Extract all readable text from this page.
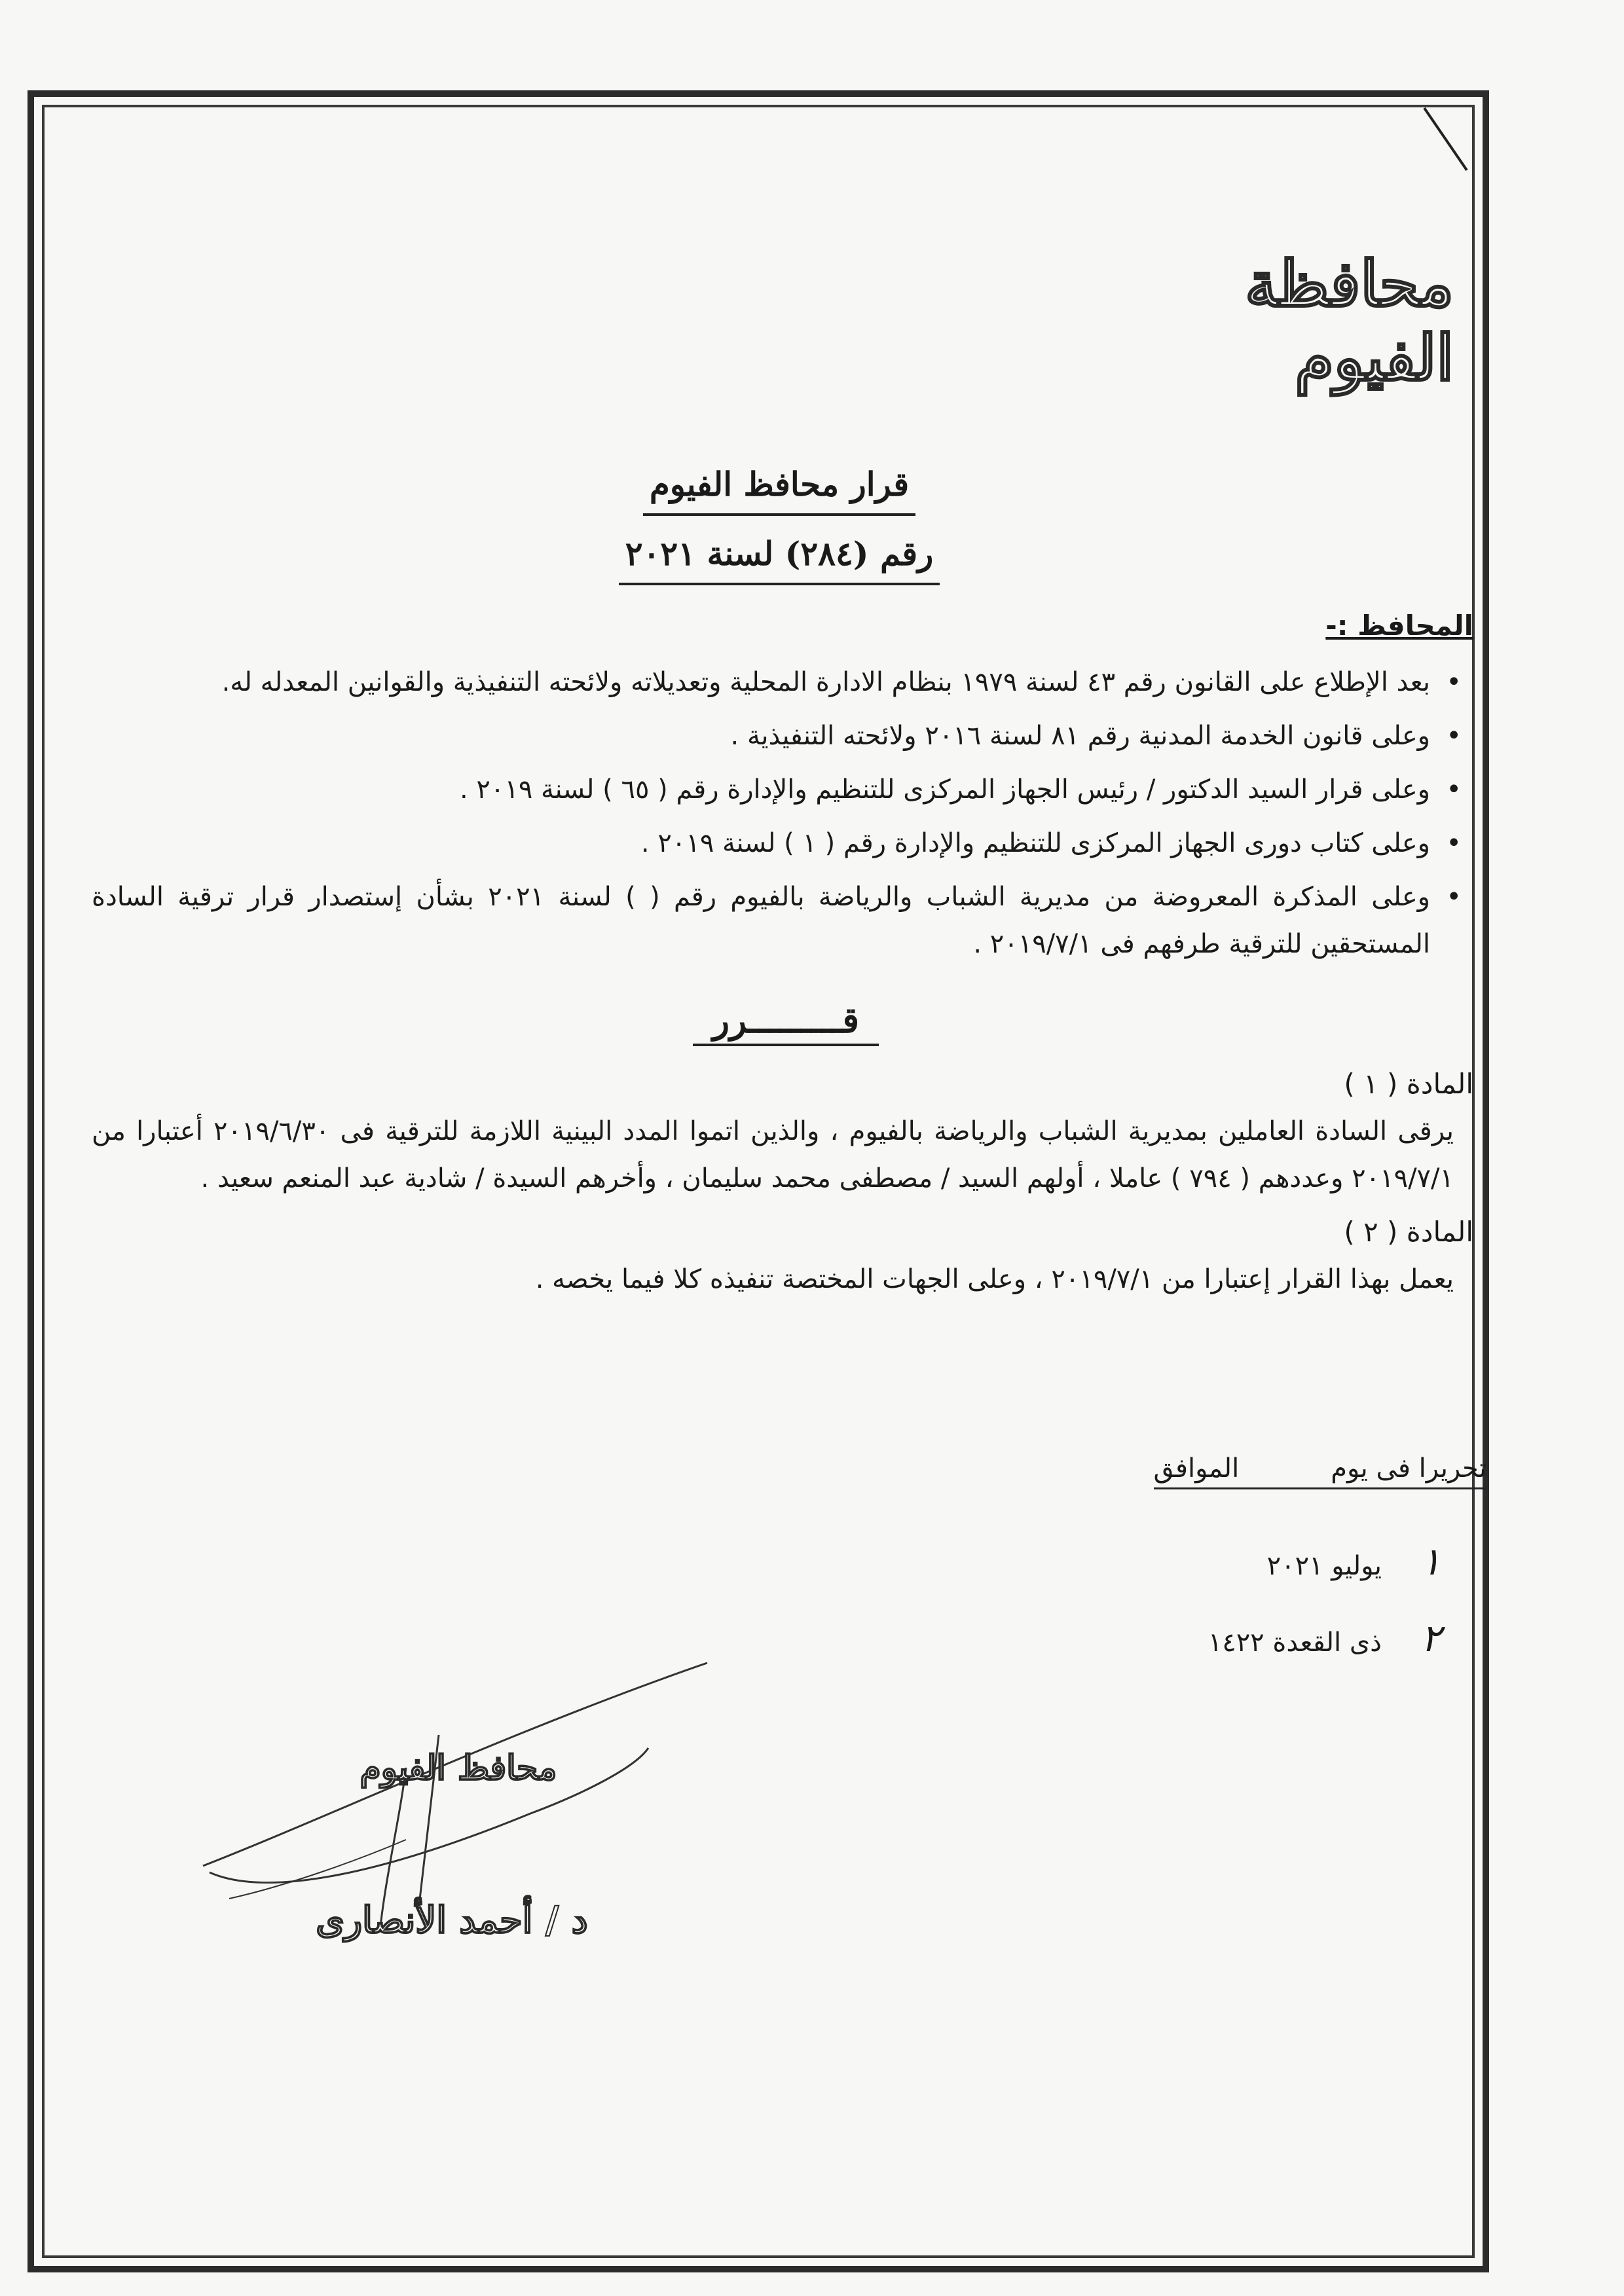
محافظة الفيوم
قرار محافظ الفيوم
رقم (٢٨٤) لسنة ٢٠٢١
المحافظ :-
•
بعد الإطلاع على القانون رقم ٤٣ لسنة ١٩٧٩ بنظام الادارة المحلية وتعديلاته ولائحته التنفيذية والقوانين المعدله له.
•
وعلى قانون الخدمة المدنية رقم ٨١ لسنة ٢٠١٦ ولائحته التنفيذية .
•
وعلى قرار السيد الدكتور / رئيس الجهاز المركزى للتنظيم والإدارة رقم ( ٦٥ ) لسنة ٢٠١٩ .
•
وعلى كتاب دورى الجهاز المركزى للتنظيم والإدارة رقم ( ١ ) لسنة ٢٠١٩ .
•
وعلى المذكرة المعروضة من مديرية الشباب والرياضة بالفيوم رقم ( ) لسنة ٢٠٢١ بشأن إستصدار قرار ترقية السادة المستحقين للترقية طرفهم فى ٢٠١٩/٧/١ .
قـــــــــرر
المادة ( ١ )
يرقى السادة العاملين بمديرية الشباب والرياضة بالفيوم ، والذين اتموا المدد البينية اللازمة للترقية فى ٢٠١٩/٦/٣٠ أعتبارا من ٢٠١٩/٧/١ وعددهم ( ٧٩٤ ) عاملا ، أولهم السيد / مصطفى محمد سليمان ، وأخرهم السيدة / شادية عبد المنعم سعيد .
المادة ( ٢ )
يعمل بهذا القرار إعتبارا من ٢٠١٩/٧/١ ، وعلى الجهات المختصة تنفيذه كلا فيما يخصه .
تحريرا فى يوم
الموافق
١يوليو ٢٠٢١
٢ذى القعدة ١٤٢٢
محافظ الفيوم
د / أحمد الأنصارى
